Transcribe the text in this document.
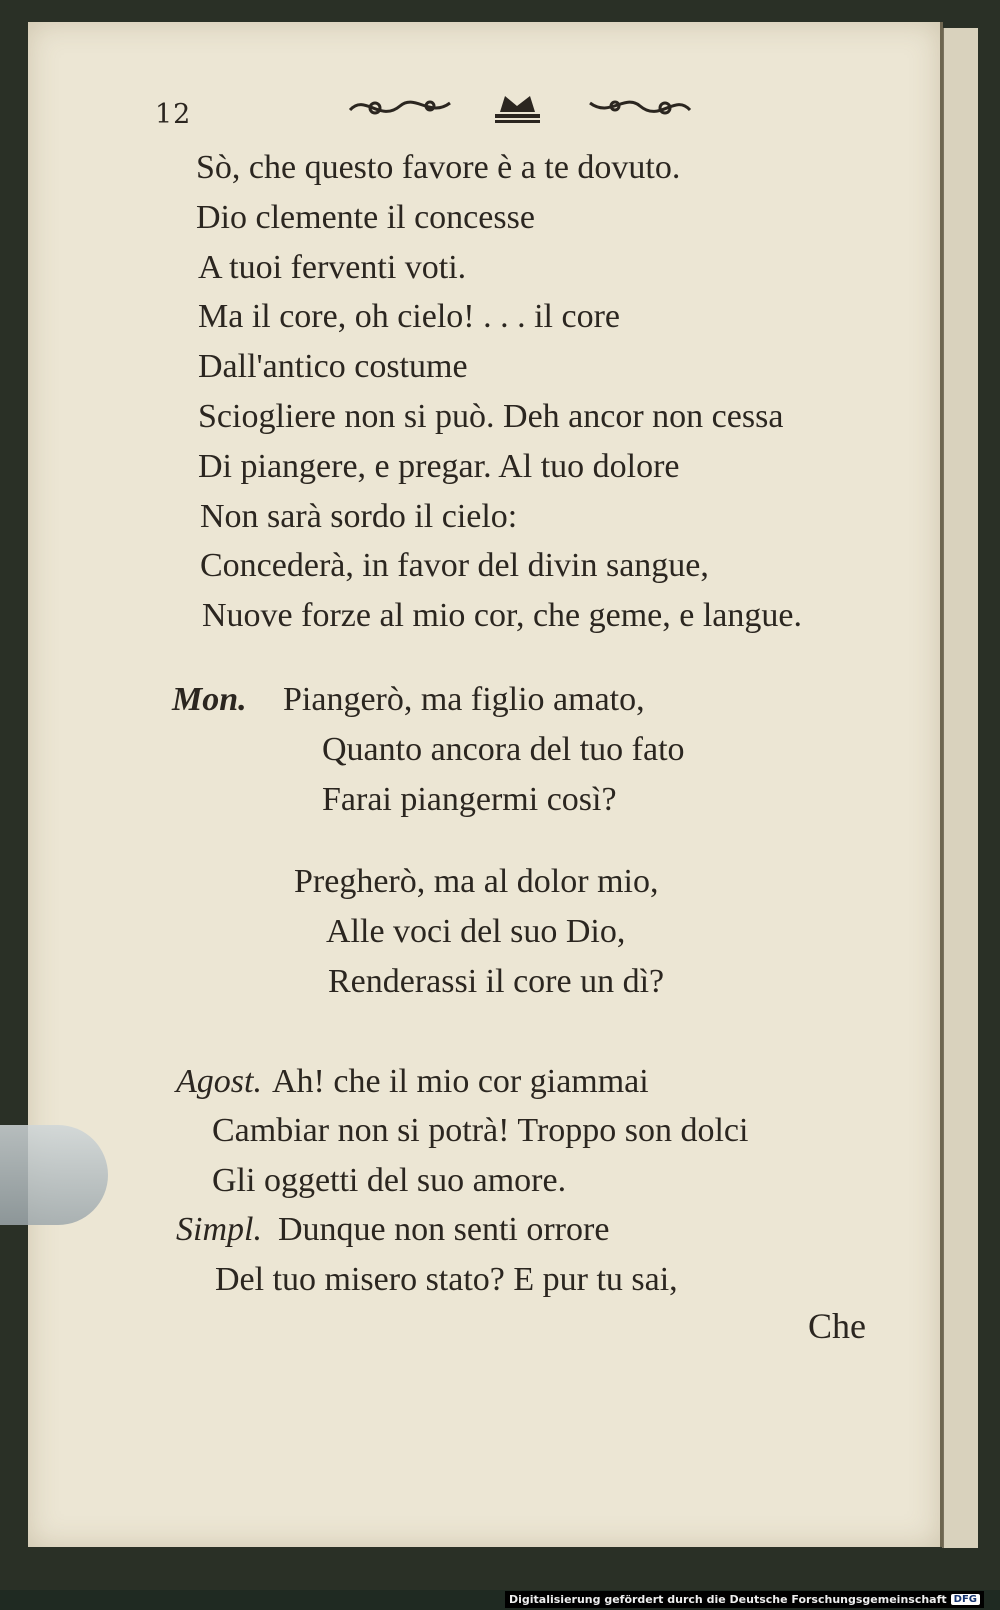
12
Sò, che questo favore è a te dovuto.
Dio clemente il concesse
A tuoi ferventi voti.
Ma il core, oh cielo! . . . il core
Dall'antico costume
Sciogliere non si può. Deh ancor non cessa
Di piangere, e pregar. Al tuo dolore
Non sarà sordo il cielo:
Concederà, in favor del divin sangue,
Nuove forze al mio cor, che geme, e langue.
Mon. Piangerò, ma figlio amato,
Quanto ancora del tuo fato
Farai piangermi così?
Pregherò, ma al dolor mio,
Alle voci del suo Dio,
Renderassi il core un dì?
Agost. Ah! che il mio cor giammai
Cambiar non si potrà! Troppo son dolci
Gli oggetti del suo amore.
Simpl. Dunque non senti orrore
Del tuo misero stato? E pur tu sai,
Che
Digitalisierung gefördert durch die Deutsche Forschungsgemeinschaft DFG
